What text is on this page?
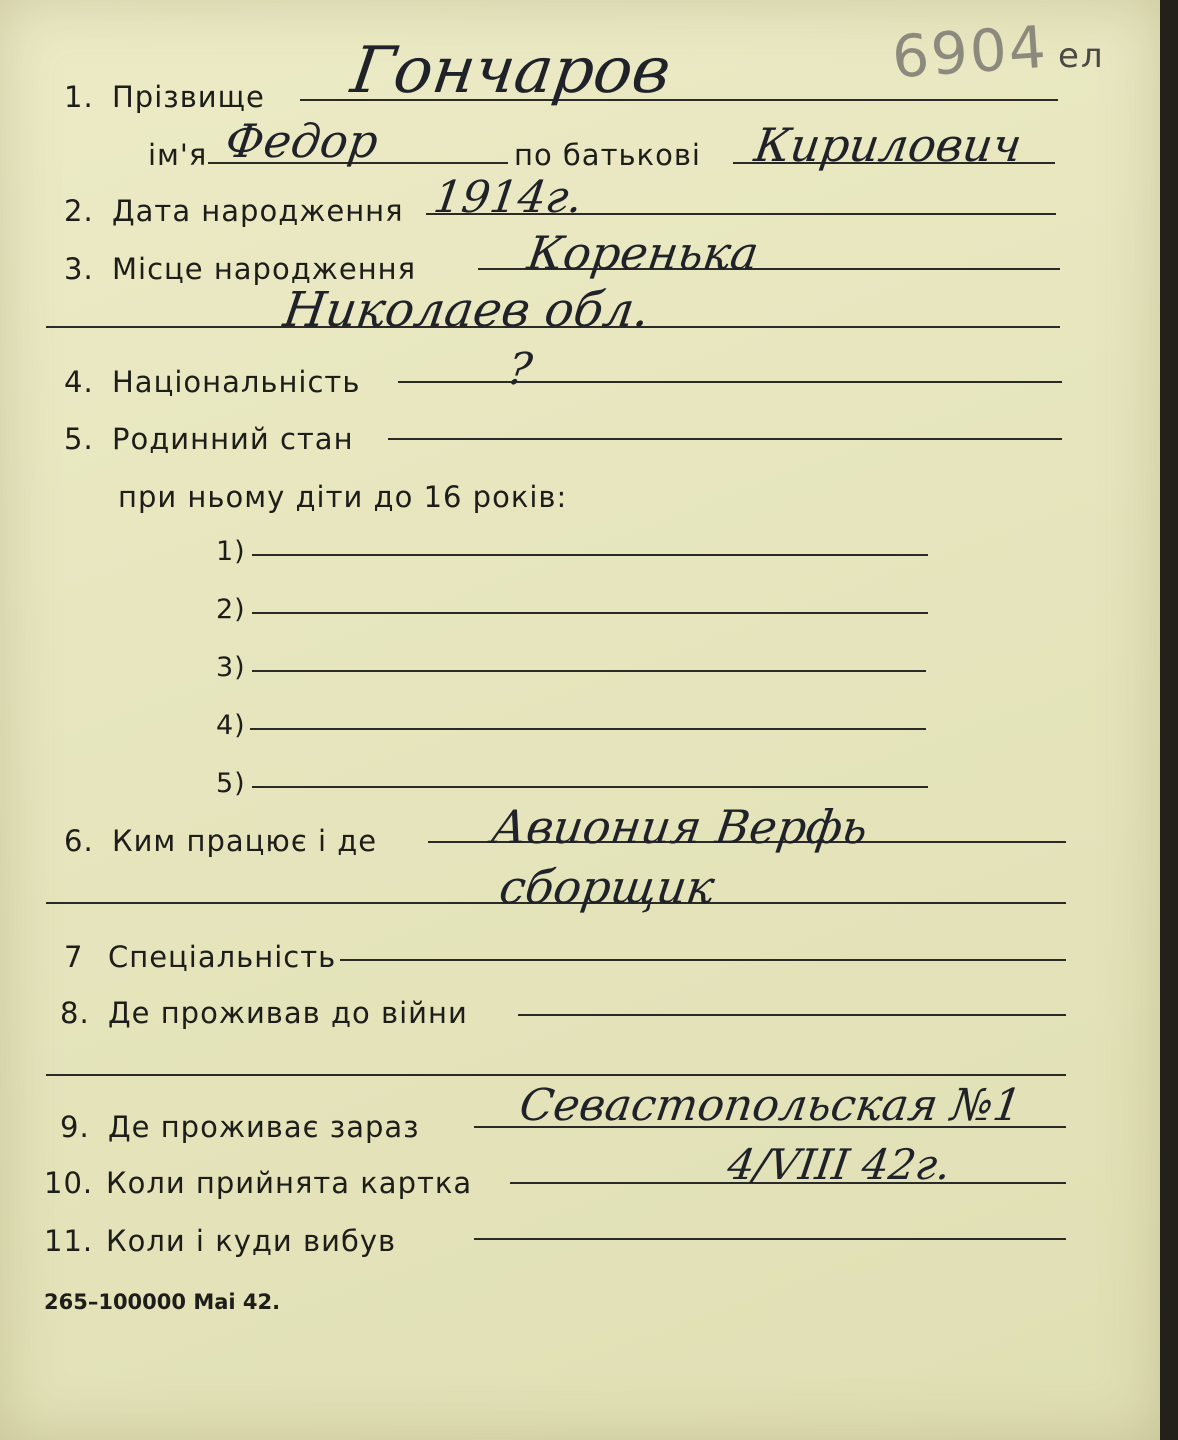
6904 ел
1. Прізвище Гончаров
ім'я Федор	по батькові Кирилович
2. Дата народження 1914г.
3. Місце народження Коренька
Николаев обл.
4. Національність	?
5. Родинний стан
при ньому діти до 16 років:
1)
2)
3)
4)
5)
6. Ким працює і де Авиония Верфь
сборщик
7 Спеціальність
8. Де проживав до війни
9. Де проживає зараз Севастопольская №1
10. Коли прийнята картка	4/VIII 42г.
11. Коли і куди вибув
265–100000 Mai 42.
